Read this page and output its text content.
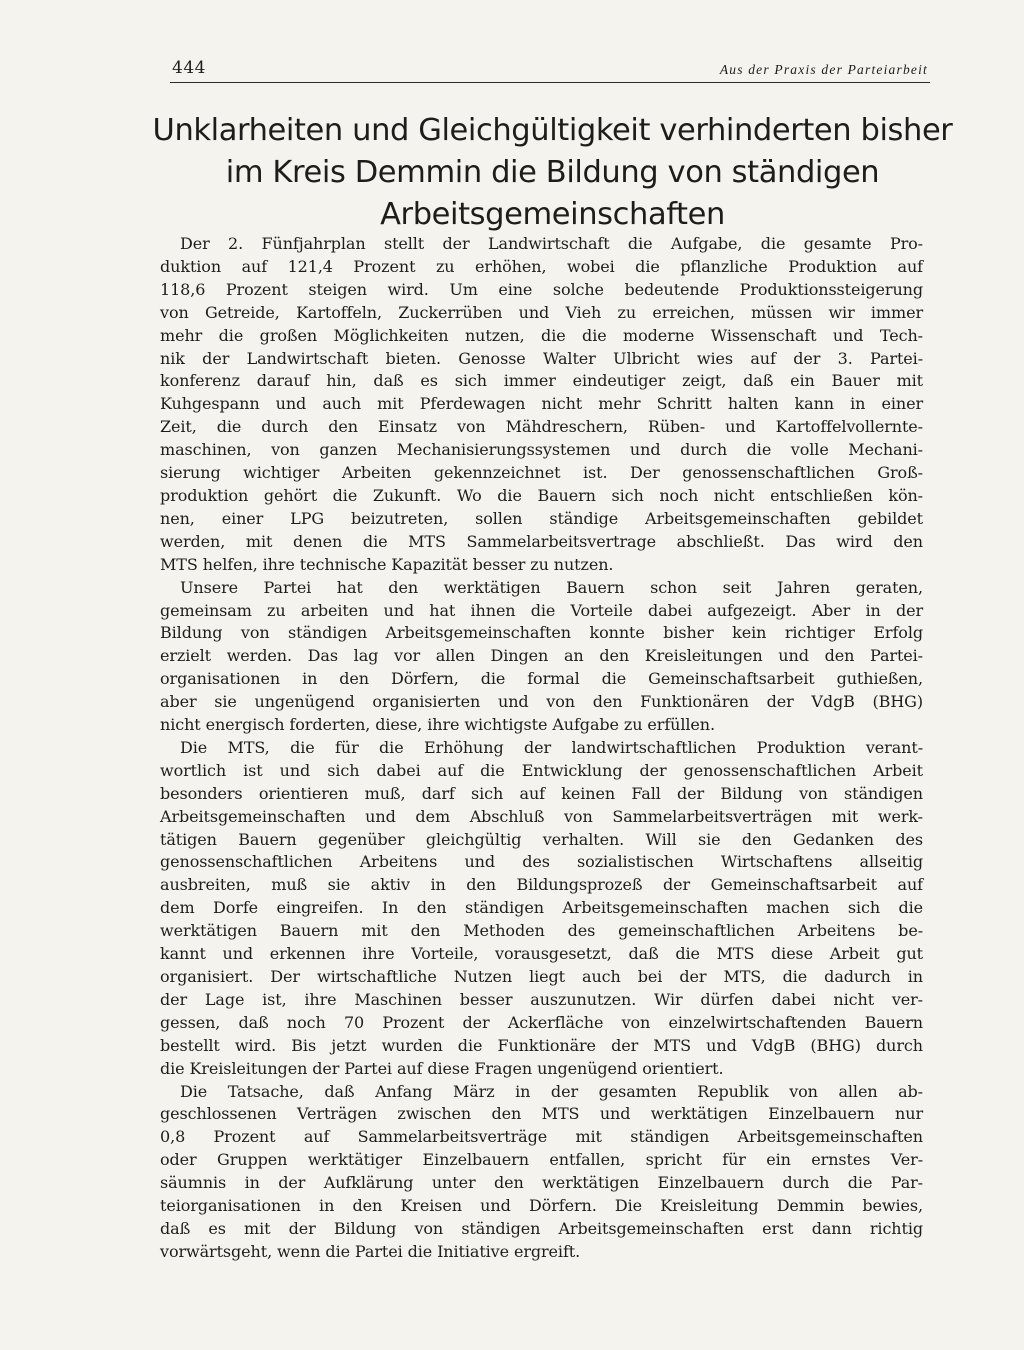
444	Aus der Praxis der Parteiarbeit
Unklarheiten und Gleichgültigkeit verhinderten bisher
im Kreis Demmin die Bildung von ständigen
Arbeitsgemeinschaften

Der 2. Fünfjahrplan stellt der Landwirtschaft die Aufgabe, die gesamte Pro-
duktion auf 121,4 Prozent zu erhöhen, wobei die pflanzliche Produktion auf
118,6 Prozent steigen wird. Um eine solche bedeutende Produktionssteigerung
von Getreide, Kartoffeln, Zuckerrüben und Vieh zu erreichen, müssen wir immer
mehr die großen Möglichkeiten nutzen, die die moderne Wissenschaft und Tech-
nik der Landwirtschaft bieten. Genosse Walter Ulbricht wies auf der 3. Partei-
konferenz darauf hin, daß es sich immer eindeutiger zeigt, daß ein Bauer mit
Kuhgespann und auch mit Pferdewagen nicht mehr Schritt halten kann in einer
Zeit, die durch den Einsatz von Mähdreschern, Rüben- und Kartoffelvollernte-
maschinen, von ganzen Mechanisierungssystemen und durch die volle Mechani-
sierung wichtiger Arbeiten gekennzeichnet ist. Der genossenschaftlichen Groß-
produktion gehört die Zukunft. Wo die Bauern sich noch nicht entschließen kön-
nen, einer LPG beizutreten, sollen ständige Arbeitsgemeinschaften gebildet
werden, mit denen die MTS Sammelarbeitsvertrage abschließt. Das wird den
MTS helfen, ihre technische Kapazität besser zu nutzen.

Unsere Partei hat den werktätigen Bauern schon seit Jahren geraten,
gemeinsam zu arbeiten und hat ihnen die Vorteile dabei aufgezeigt. Aber in der
Bildung von ständigen Arbeitsgemeinschaften konnte bisher kein richtiger Erfolg
erzielt werden. Das lag vor allen Dingen an den Kreisleitungen und den Partei-
organisationen in den Dörfern, die formal die Gemeinschaftsarbeit guthießen,
aber sie ungenügend organisierten und von den Funktionären der VdgB (BHG)
nicht energisch forderten, diese, ihre wichtigste Aufgabe zu erfüllen.

Die MTS, die für die Erhöhung der landwirtschaftlichen Produktion verant-
wortlich ist und sich dabei auf die Entwicklung der genossenschaftlichen Arbeit
besonders orientieren muß, darf sich auf keinen Fall der Bildung von ständigen
Arbeitsgemeinschaften und dem Abschluß von Sammelarbeitsverträgen mit werk-
tätigen Bauern gegenüber gleichgültig verhalten. Will sie den Gedanken des
genossenschaftlichen Arbeitens und des sozialistischen Wirtschaftens allseitig
ausbreiten, muß sie aktiv in den Bildungsprozeß der Gemeinschaftsarbeit auf
dem Dorfe eingreifen. In den ständigen Arbeitsgemeinschaften machen sich die
werktätigen Bauern mit den Methoden des gemeinschaftlichen Arbeitens be-
kannt und erkennen ihre Vorteile, vorausgesetzt, daß die MTS diese Arbeit gut
organisiert. Der wirtschaftliche Nutzen liegt auch bei der MTS, die dadurch in
der Lage ist, ihre Maschinen besser auszunutzen. Wir dürfen dabei nicht ver-
gessen, daß noch 70 Prozent der Ackerfläche von einzelwirtschaftenden Bauern
bestellt wird. Bis jetzt wurden die Funktionäre der MTS und VdgB (BHG) durch
die Kreisleitungen der Partei auf diese Fragen ungenügend orientiert.

Die Tatsache, daß Anfang März in der gesamten Republik von allen ab-
geschlossenen Verträgen zwischen den MTS und werktätigen Einzelbauern nur
0,8 Prozent auf Sammelarbeitsverträge mit ständigen Arbeitsgemeinschaften
oder Gruppen werktätiger Einzelbauern entfallen, spricht für ein ernstes Ver-
säumnis in der Aufklärung unter den werktätigen Einzelbauern durch die Par-
teiorganisationen in den Kreisen und Dörfern. Die Kreisleitung Demmin bewies,
daß es mit der Bildung von ständigen Arbeitsgemeinschaften erst dann richtig
vorwärtsgeht, wenn die Partei die Initiative ergreift.
